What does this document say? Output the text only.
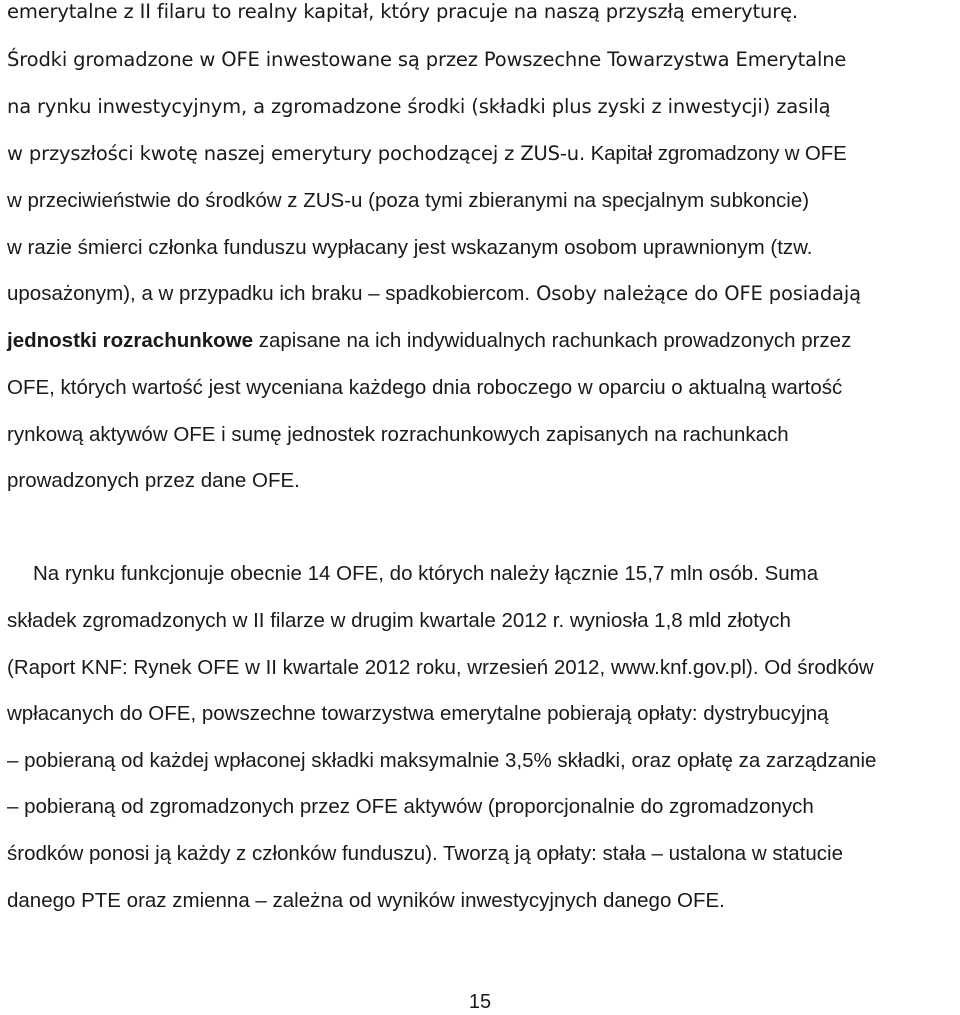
emerytalne z II filaru to realny kapitał, który pracuje na naszą przyszłą emeryturę.
Środki gromadzone w OFE inwestowane są przez Powszechne Towarzystwa Emerytalne
na rynku inwestycyjnym, a zgromadzone środki (składki plus zyski z inwestycji) zasilą
w przyszłości kwotę naszej emerytury pochodzącej z ZUS-u. Kapitał zgromadzony w OFE
w przeciwieństwie do środków z ZUS-u (poza tymi zbieranymi na specjalnym subkoncie)
w razie śmierci członka funduszu wypłacany jest wskazanym osobom uprawnionym (tzw.
uposażonym), a w przypadku ich braku – spadkobiercom. Osoby należące do OFE posiadają
jednostki rozrachunkowe zapisane na ich indywidualnych rachunkach prowadzonych przez
OFE, których wartość jest wyceniana każdego dnia roboczego w oparciu o aktualną wartość
rynkową aktywów OFE i sumę jednostek rozrachunkowych zapisanych na rachunkach
prowadzonych przez dane OFE.
Na rynku funkcjonuje obecnie 14 OFE, do których należy łącznie 15,7 mln osób. Suma
składek zgromadzonych w II filarze w drugim kwartale 2012 r. wyniosła 1,8 mld złotych
(Raport KNF: Rynek OFE w II kwartale 2012 roku, wrzesień 2012, www.knf.gov.pl). Od środków
wpłacanych do OFE, powszechne towarzystwa emerytalne pobierają opłaty: dystrybucyjną
– pobieraną od każdej wpłaconej składki maksymalnie 3,5% składki, oraz opłatę za zarządzanie
– pobieraną od zgromadzonych przez OFE aktywów (proporcjonalnie do zgromadzonych
środków ponosi ją każdy z członków funduszu). Tworzą ją opłaty: stała – ustalona w statucie
danego PTE oraz zmienna – zależna od wyników inwestycyjnych danego OFE.
15
